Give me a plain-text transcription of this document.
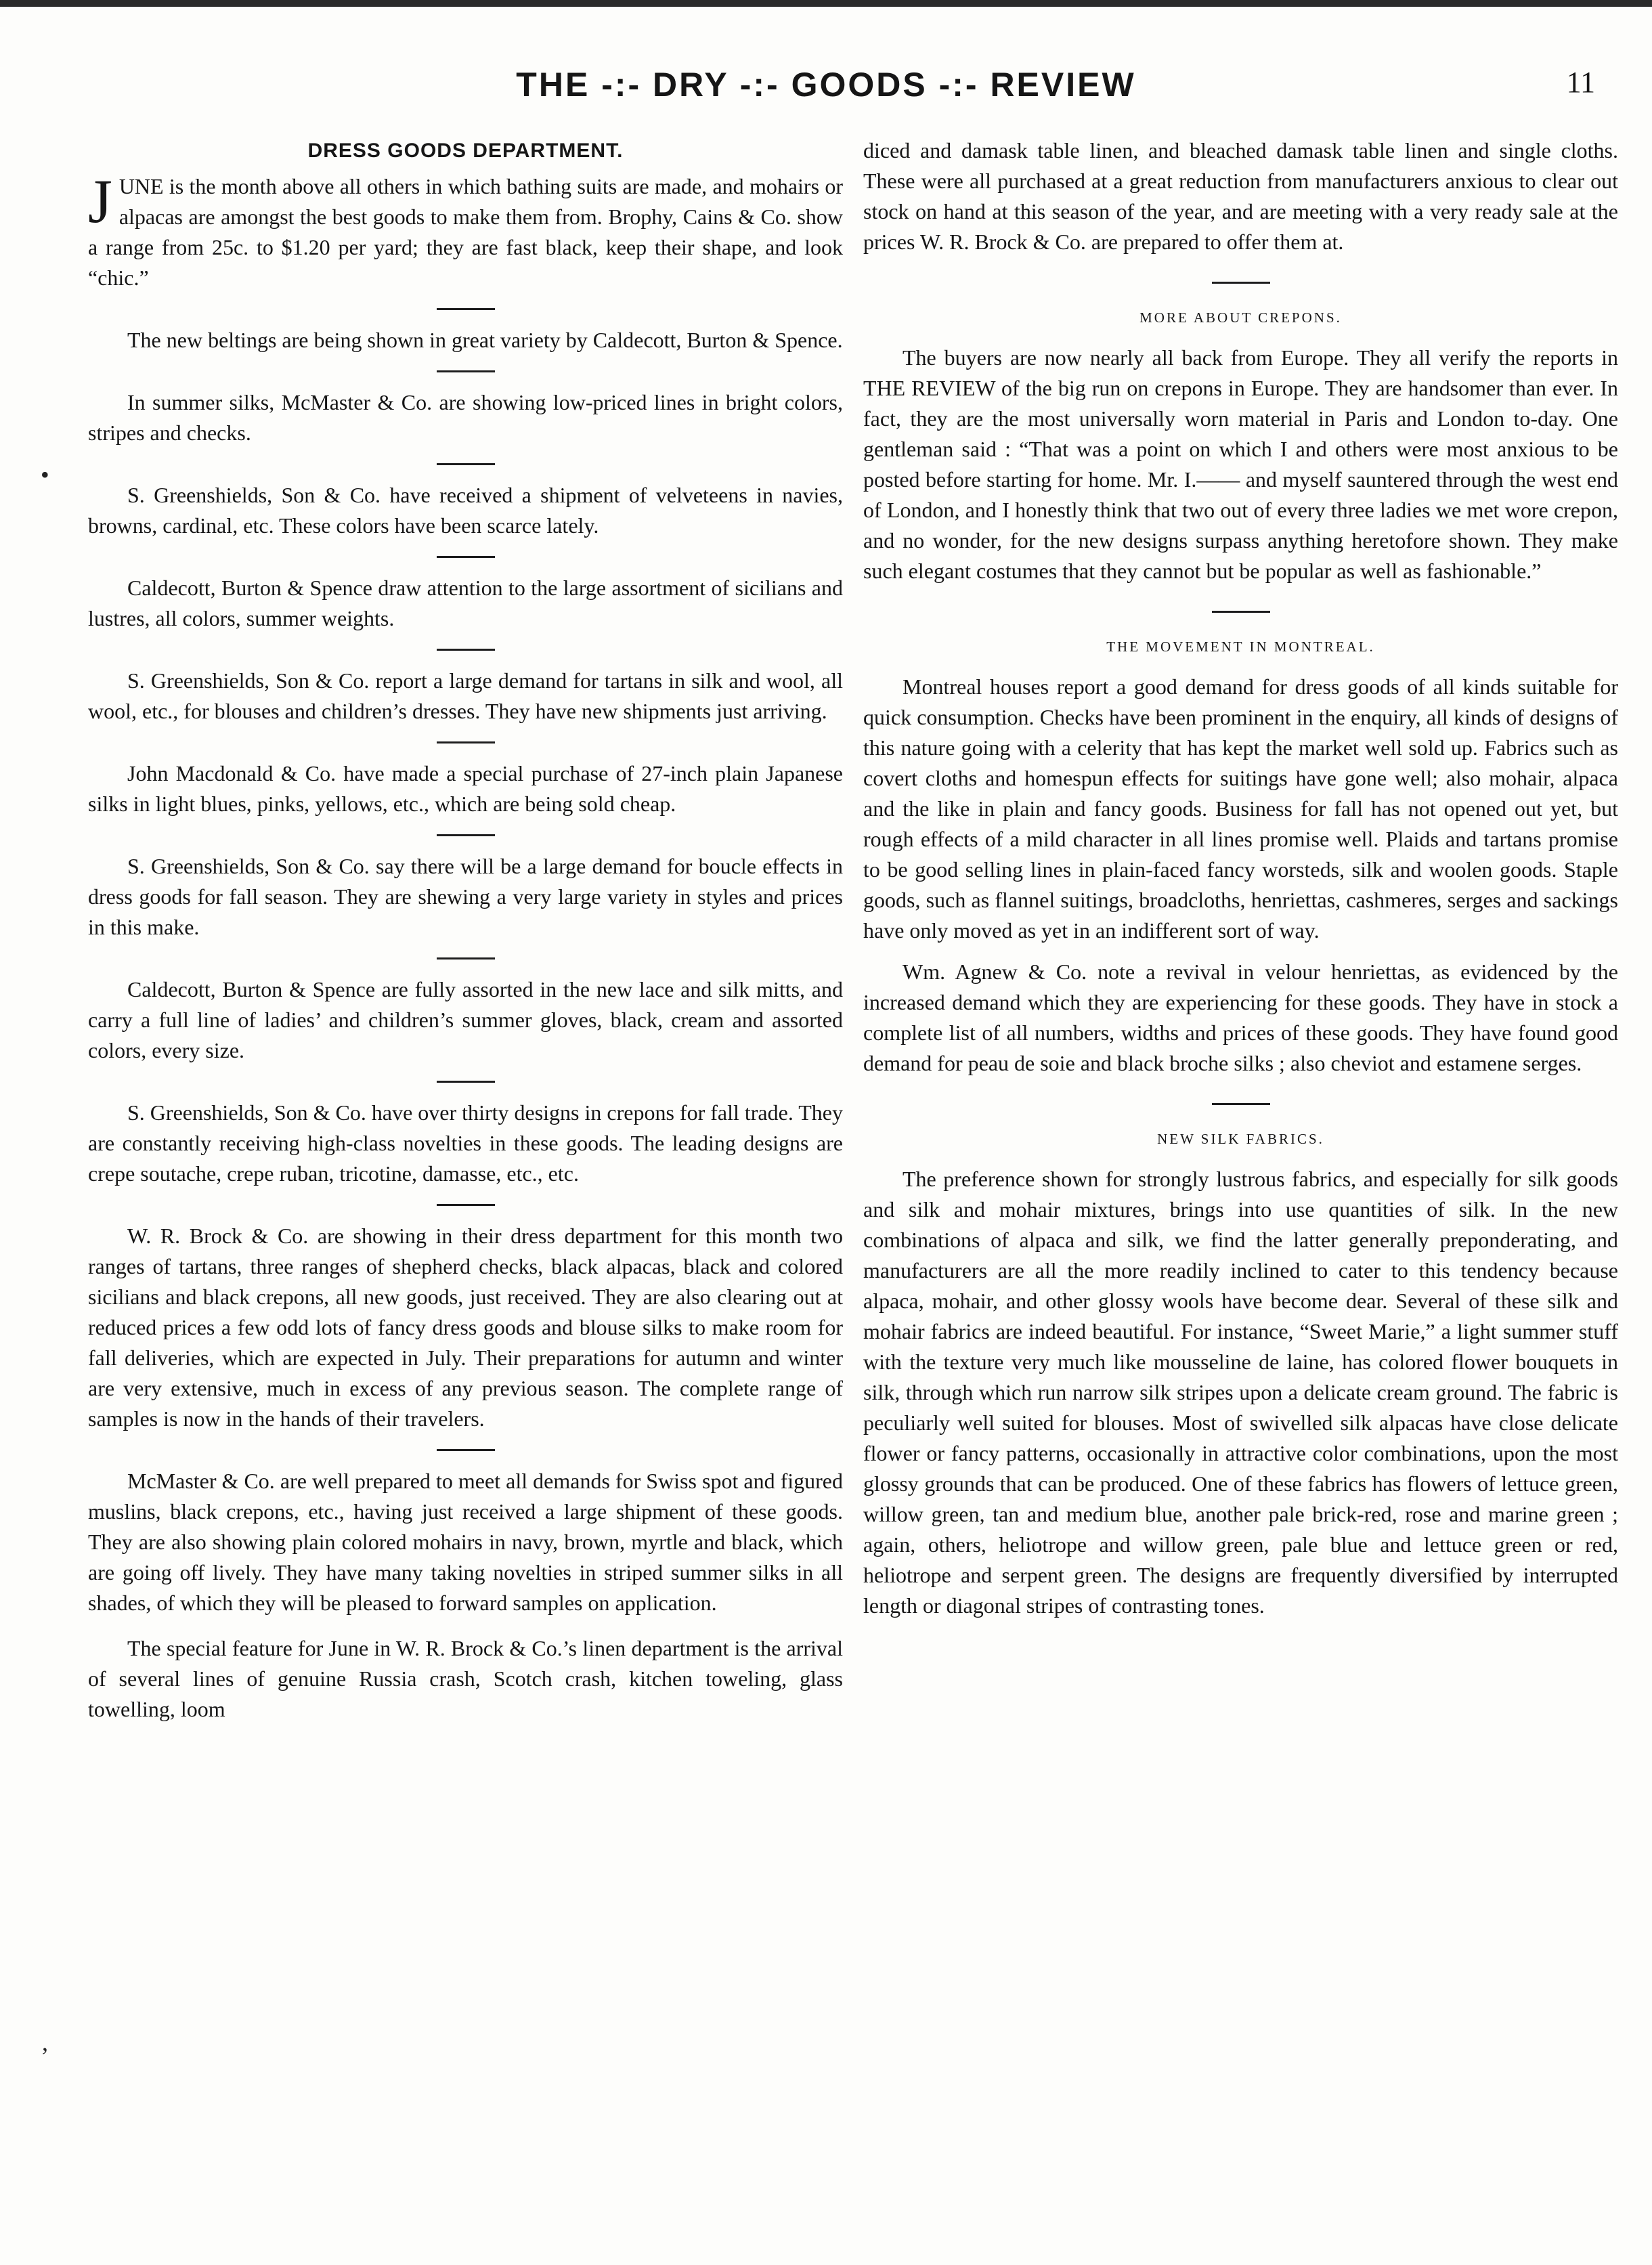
THE -:- DRY -:- GOODS -:- REVIEW	11
•
,
DRESS GOODS DEPARTMENT.

JUNE is the month above all others in which bathing suits are made, and mohairs or alpacas are amongst the best goods to make them from. Brophy, Cains & Co. show a range from 25c. to $1.20 per yard; they are fast black, keep their shape, and look “chic.”

The new beltings are being shown in great variety by Caldecott, Burton & Spence.

In summer silks, McMaster & Co. are showing low-priced lines in bright colors, stripes and checks.

S. Greenshields, Son & Co. have received a shipment of velveteens in navies, browns, cardinal, etc. These colors have been scarce lately.

Caldecott, Burton & Spence draw attention to the large assortment of sicilians and lustres, all colors, summer weights.

S. Greenshields, Son & Co. report a large demand for tartans in silk and wool, all wool, etc., for blouses and children’s dresses. They have new shipments just arriving.

John Macdonald & Co. have made a special purchase of 27-inch plain Japanese silks in light blues, pinks, yellows, etc., which are being sold cheap.

S. Greenshields, Son & Co. say there will be a large demand for boucle effects in dress goods for fall season. They are shewing a very large variety in styles and prices in this make.

Caldecott, Burton & Spence are fully assorted in the new lace and silk mitts, and carry a full line of ladies’ and children’s summer gloves, black, cream and assorted colors, every size.

S. Greenshields, Son & Co. have over thirty designs in crepons for fall trade. They are constantly receiving high-class novelties in these goods. The leading designs are crepe soutache, crepe ruban, tricotine, damasse, etc., etc.

W. R. Brock & Co. are showing in their dress department for this month two ranges of tartans, three ranges of shepherd checks, black alpacas, black and colored sicilians and black crepons, all new goods, just received. They are also clearing out at reduced prices a few odd lots of fancy dress goods and blouse silks to make room for fall deliveries, which are expected in July. Their preparations for autumn and winter are very extensive, much in excess of any previous season. The complete range of samples is now in the hands of their travelers.

McMaster & Co. are well prepared to meet all demands for Swiss spot and figured muslins, black crepons, etc., having just received a large shipment of these goods. They are also showing plain colored mohairs in navy, brown, myrtle and black, which are going off lively. They have many taking novelties in striped summer silks in all shades, of which they will be pleased to forward samples on application.

The special feature for June in W. R. Brock & Co.’s linen department is the arrival of several lines of genuine Russia crash, Scotch crash, kitchen toweling, glass towelling, loom

diced and damask table linen, and bleached damask table linen and single cloths. These were all purchased at a great reduction from manufacturers anxious to clear out stock on hand at this season of the year, and are meeting with a very ready sale at the prices W. R. Brock & Co. are prepared to offer them at.

MORE ABOUT CREPONS.

The buyers are now nearly all back from Europe. They all verify the reports in THE REVIEW of the big run on crepons in Europe. They are handsomer than ever. In fact, they are the most universally worn material in Paris and London to-day. One gentleman said : “That was a point on which I and others were most anxious to be posted before starting for home. Mr. I.—— and myself sauntered through the west end of London, and I honestly think that two out of every three ladies we met wore crepon, and no wonder, for the new designs surpass anything heretofore shown. They make such elegant costumes that they cannot but be popular as well as fashionable.”

THE MOVEMENT IN MONTREAL.

Montreal houses report a good demand for dress goods of all kinds suitable for quick consumption. Checks have been prominent in the enquiry, all kinds of designs of this nature going with a celerity that has kept the market well sold up. Fabrics such as covert cloths and homespun effects for suitings have gone well; also mohair, alpaca and the like in plain and fancy goods. Business for fall has not opened out yet, but rough effects of a mild character in all lines promise well. Plaids and tartans promise to be good selling lines in plain-faced fancy worsteds, silk and woolen goods. Staple goods, such as flannel suitings, broadcloths, henriettas, cashmeres, serges and sackings have only moved as yet in an indifferent sort of way.

Wm. Agnew & Co. note a revival in velour henriettas, as evidenced by the increased demand which they are experiencing for these goods. They have in stock a complete list of all numbers, widths and prices of these goods. They have found good demand for peau de soie and black broche silks ; also cheviot and estamene serges.

NEW SILK FABRICS.

The preference shown for strongly lustrous fabrics, and especially for silk goods and silk and mohair mixtures, brings into use quantities of silk. In the new combinations of alpaca and silk, we find the latter generally preponderating, and manufacturers are all the more readily inclined to cater to this tendency because alpaca, mohair, and other glossy wools have become dear. Several of these silk and mohair fabrics are indeed beautiful. For instance, “Sweet Marie,” a light summer stuff with the texture very much like mousseline de laine, has colored flower bouquets in silk, through which run narrow silk stripes upon a delicate cream ground. The fabric is peculiarly well suited for blouses. Most of swivelled silk alpacas have close delicate flower or fancy patterns, occasionally in attractive color combinations, upon the most glossy grounds that can be produced. One of these fabrics has flowers of lettuce green, willow green, tan and medium blue, another pale brick-red, rose and marine green ; again, others, heliotrope and willow green, pale blue and lettuce green or red, heliotrope and serpent green. The designs are frequently diversified by interrupted length or diagonal stripes of contrasting tones.
